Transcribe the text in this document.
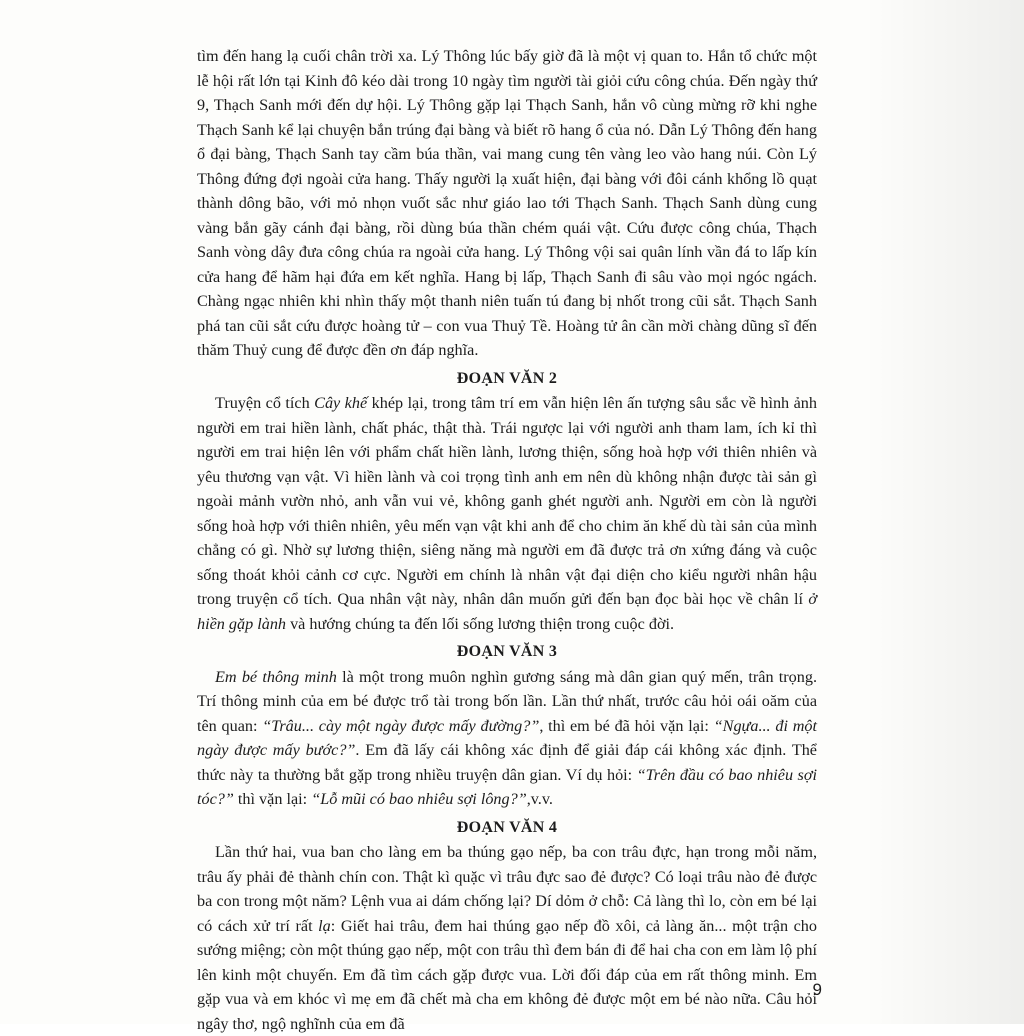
tìm đến hang lạ cuối chân trời xa. Lý Thông lúc bấy giờ đã là một vị quan to. Hắn tổ chức một lễ hội rất lớn tại Kinh đô kéo dài trong 10 ngày tìm người tài giỏi cứu công chúa. Đến ngày thứ 9, Thạch Sanh mới đến dự hội. Lý Thông gặp lại Thạch Sanh, hắn vô cùng mừng rỡ khi nghe Thạch Sanh kể lại chuyện bắn trúng đại bàng và biết rõ hang ổ của nó. Dẫn Lý Thông đến hang ổ đại bàng, Thạch Sanh tay cầm búa thần, vai mang cung tên vàng leo vào hang núi. Còn Lý Thông đứng đợi ngoài cửa hang. Thấy người lạ xuất hiện, đại bàng với đôi cánh khổng lồ quạt thành dông bão, với mỏ nhọn vuốt sắc như giáo lao tới Thạch Sanh. Thạch Sanh dùng cung vàng bắn gãy cánh đại bàng, rồi dùng búa thần chém quái vật. Cứu được công chúa, Thạch Sanh vòng dây đưa công chúa ra ngoài cửa hang. Lý Thông vội sai quân lính vần đá to lấp kín cửa hang để hãm hại đứa em kết nghĩa. Hang bị lấp, Thạch Sanh đi sâu vào mọi ngóc ngách. Chàng ngạc nhiên khi nhìn thấy một thanh niên tuấn tú đang bị nhốt trong cũi sắt. Thạch Sanh phá tan cũi sắt cứu được hoàng tử – con vua Thuỷ Tề. Hoàng tử ân cần mời chàng dũng sĩ đến thăm Thuỷ cung để được đền ơn đáp nghĩa.

ĐOẠN VĂN 2

Truyện cổ tích Cây khế khép lại, trong tâm trí em vẫn hiện lên ấn tượng sâu sắc về hình ảnh người em trai hiền lành, chất phác, thật thà. Trái ngược lại với người anh tham lam, ích kỉ thì người em trai hiện lên với phẩm chất hiền lành, lương thiện, sống hoà hợp với thiên nhiên và yêu thương vạn vật. Vì hiền lành và coi trọng tình anh em nên dù không nhận được tài sản gì ngoài mảnh vườn nhỏ, anh vẫn vui vẻ, không ganh ghét người anh. Người em còn là người sống hoà hợp với thiên nhiên, yêu mến vạn vật khi anh để cho chim ăn khế dù tài sản của mình chẳng có gì. Nhờ sự lương thiện, siêng năng mà người em đã được trả ơn xứng đáng và cuộc sống thoát khỏi cảnh cơ cực. Người em chính là nhân vật đại diện cho kiểu người nhân hậu trong truyện cổ tích. Qua nhân vật này, nhân dân muốn gửi đến bạn đọc bài học về chân lí ở hiền gặp lành và hướng chúng ta đến lối sống lương thiện trong cuộc đời.

ĐOẠN VĂN 3

Em bé thông minh là một trong muôn nghìn gương sáng mà dân gian quý mến, trân trọng. Trí thông minh của em bé được trổ tài trong bốn lần. Lần thứ nhất, trước câu hỏi oái oăm của tên quan: “Trâu... cày một ngày được mấy đường?”, thì em bé đã hỏi vặn lại: “Ngựa... đi một ngày được mấy bước?”. Em đã lấy cái không xác định để giải đáp cái không xác định. Thể thức này ta thường bắt gặp trong nhiều truyện dân gian. Ví dụ hỏi: “Trên đầu có bao nhiêu sợi tóc?” thì vặn lại: “Lỗ mũi có bao nhiêu sợi lông?”,v.v.

ĐOẠN VĂN 4

Lần thứ hai, vua ban cho làng em ba thúng gạo nếp, ba con trâu đực, hạn trong mỗi năm, trâu ấy phải đẻ thành chín con. Thật kì quặc vì trâu đực sao đẻ được? Có loại trâu nào đẻ được ba con trong một năm? Lệnh vua ai dám chống lại? Dí dỏm ở chỗ: Cả làng thì lo, còn em bé lại có cách xử trí rất lạ: Giết hai trâu, đem hai thúng gạo nếp đồ xôi, cả làng ăn... một trận cho sướng miệng; còn một thúng gạo nếp, một con trâu thì đem bán đi để hai cha con em làm lộ phí lên kinh một chuyến. Em đã tìm cách gặp được vua. Lời đối đáp của em rất thông minh. Em gặp vua và em khóc vì mẹ em đã chết mà cha em không đẻ được một em bé nào nữa. Câu hỏi ngây thơ, ngộ nghĩnh của em đã

9
